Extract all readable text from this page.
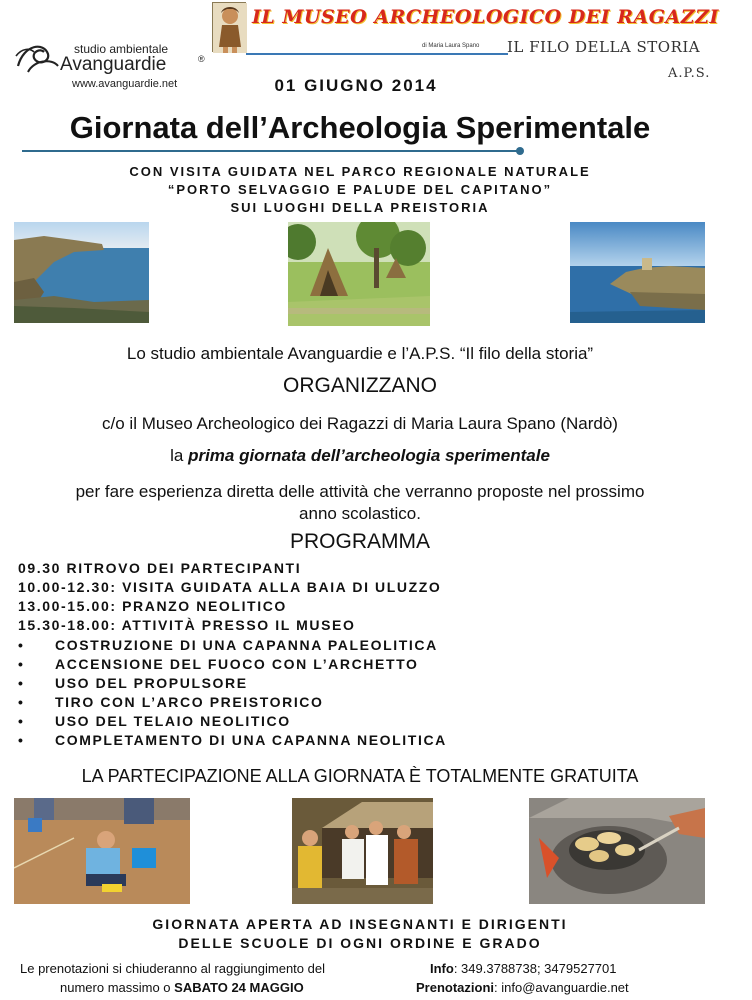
studio ambientale
Avanguardie	®
www.avanguardie.net
IL MUSEO ARCHEOLOGICO DEI RAGAZZI
di Maria Laura Spano IL FILO DELLA STORIA
A.P.S.
01 GIUGNO 2014
Giornata dell’Archeologia Sperimentale
CON VISITA GUIDATA NEL PARCO REGIONALE NATURALE
“PORTO SELVAGGIO E PALUDE DEL CAPITANO”
SUI LUOGHI DELLA PREISTORIA
Lo studio ambientale Avanguardie e l’A.P.S. “Il filo della storia”
ORGANIZZANO
c/o il Museo Archeologico dei Ragazzi di Maria Laura Spano (Nardò)
la prima giornata dell’archeologia sperimentale
per fare esperienza diretta delle attività che verranno proposte nel prossimo
anno scolastico.
PROGRAMMA
09.30 RITROVO DEI PARTECIPANTI
10.00-12.30: VISITA GUIDATA ALLA BAIA DI ULUZZO
13.00-15.00: PRANZO NEOLITICO
15.30-18.00: ATTIVITÀ PRESSO IL MUSEO
• COSTRUZIONE DI UNA CAPANNA PALEOLITICA
• ACCENSIONE DEL FUOCO CON L’ARCHETTO
• USO DEL PROPULSORE
• TIRO CON L’ARCO PREISTORICO
• USO DEL TELAIO NEOLITICO
• COMPLETAMENTO DI UNA CAPANNA NEOLITICA
LA PARTECIPAZIONE ALLA GIORNATA È TOTALMENTE GRATUITA
GIORNATA APERTA AD INSEGNANTI E DIRIGENTI
DELLE SCUOLE DI OGNI ORDINE E GRADO
Le prenotazioni si chiuderanno al raggiungimento del
numero massimo o SABATO 24 MAGGIO
Info: 349.3788738; 3479527701
Prenotazioni: info@avanguardie.net
